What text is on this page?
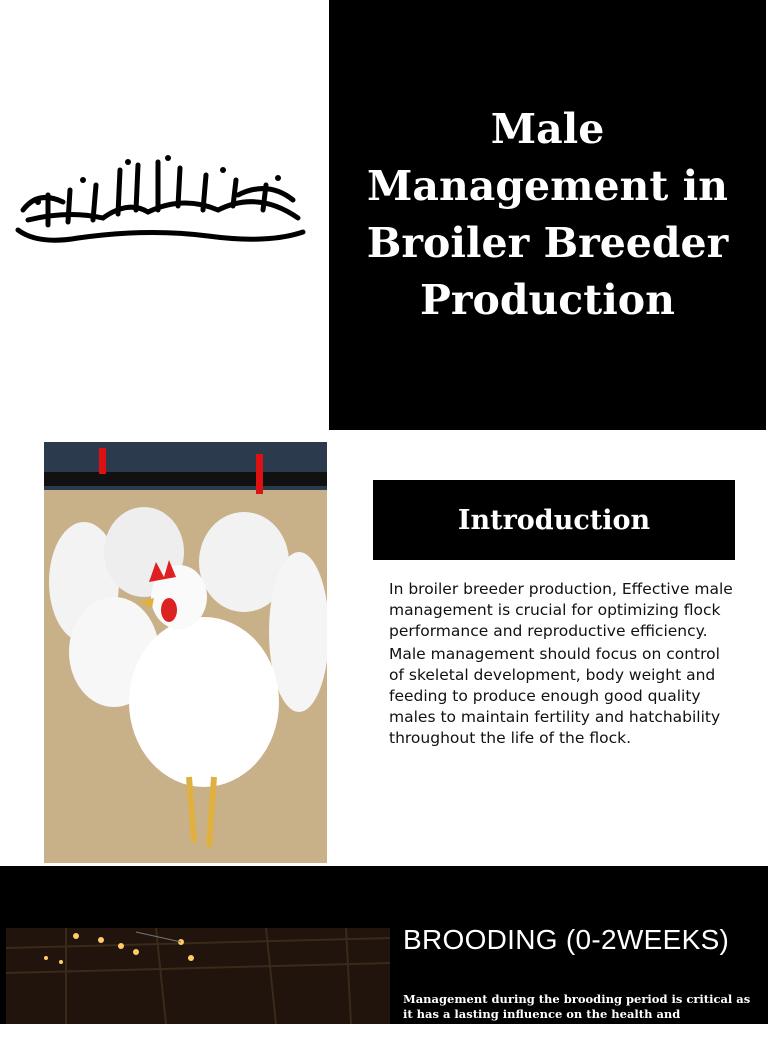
Male Management in Broiler Breeder Production
Introduction

In broiler breeder production, Effective male management is crucial for optimizing flock performance and reproductive efficiency.

Male management should focus on control of skeletal development, body weight and feeding to produce enough good quality males to maintain fertility and hatchability throughout the life of the flock.

BROODING (0-2WEEKS)

Management during the brooding period is critical as it has a lasting influence on the health and performance of
